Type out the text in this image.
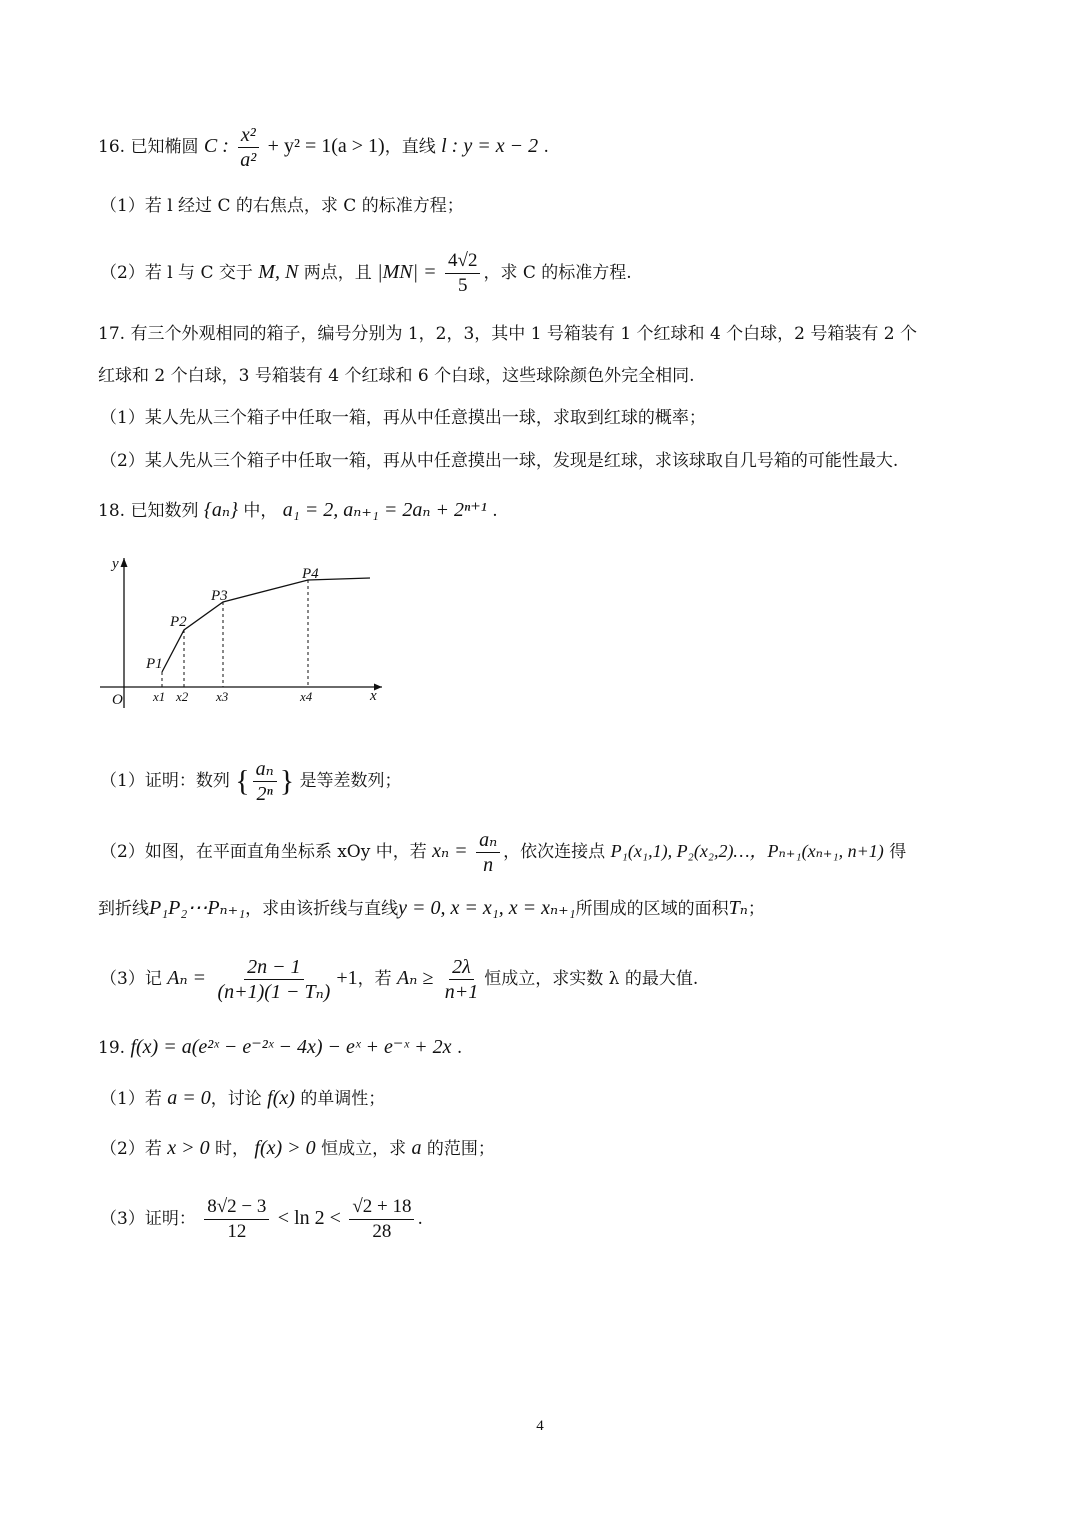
16. 已知椭圆 C : $\frac{\text{x²}}{\text{a²}} + y^2 = 1(a > 1)$，直线 l : y = x − 2 .
（1）若 l 经过 C 的右焦点，求 C 的标准方程；
（2）若 l 与 C 交于 M, N 两点，且 $|MN| = \frac{4√2}{5}$ ，求 C 的标准方程.
17. 有三个外观相同的箱子，编号分别为 1，2，3，其中 1 号箱装有 1 个红球和 4 个白球，2 号箱装有 2 个
红球和 2 个白球，3 号箱装有 4 个红球和 6 个白球，这些球除颜色外完全相同.
（1）某人先从三个箱子中任取一箱，再从中任意摸出一球，求取到红球的概率；
（2）某人先从三个箱子中任取一箱，再从中任意摸出一球，发现是红球，求该球取自几号箱的可能性最大.
18. 已知数列 {aₙ} 中， a₁ = 2, aₙ₊₁ = 2aₙ + 2ⁿ⁺¹ .
y
x
O
P1
P2
P3
P4
x1 x2 x3	x4
（1）证明：数列 { $\frac{\text{aₙ}}{\text{2ⁿ}}$ } 是等差数列；
（2）如图，在平面直角坐标系 xOy 中，若 $x_n = \frac{\text{aₙ}}{n}$ ，依次连接点 P₁(x₁,1), P₂(x₂,2)…，Pₙ₊₁(xₙ₊₁, n+1) 得
到折线P₁P₂⋯Pₙ₊₁，求由该折线与直线y = 0, x = x₁, x = xₙ₊₁所围成的区域的面积Tₙ；
（3）记 $A_n = \frac{2n - 1}{\text{(n+1)(1 − Tₙ)}} +1$，若 $A_n \ge \frac{2\lambda}{n+1}$ 恒成立，求实数 λ 的最大值.
19. f(x) = a(e²ˣ − e⁻²ˣ − 4x) − eˣ + e⁻ˣ + 2x .
（1）若 a = 0，讨论 f(x) 的单调性；
（2）若 x > 0 时， f(x) > 0 恒成立，求 a 的范围；
（3）证明： $\frac{8√2 - 3}{12} < \ln 2 < \frac{√2 + 18}{28}$ .
4
